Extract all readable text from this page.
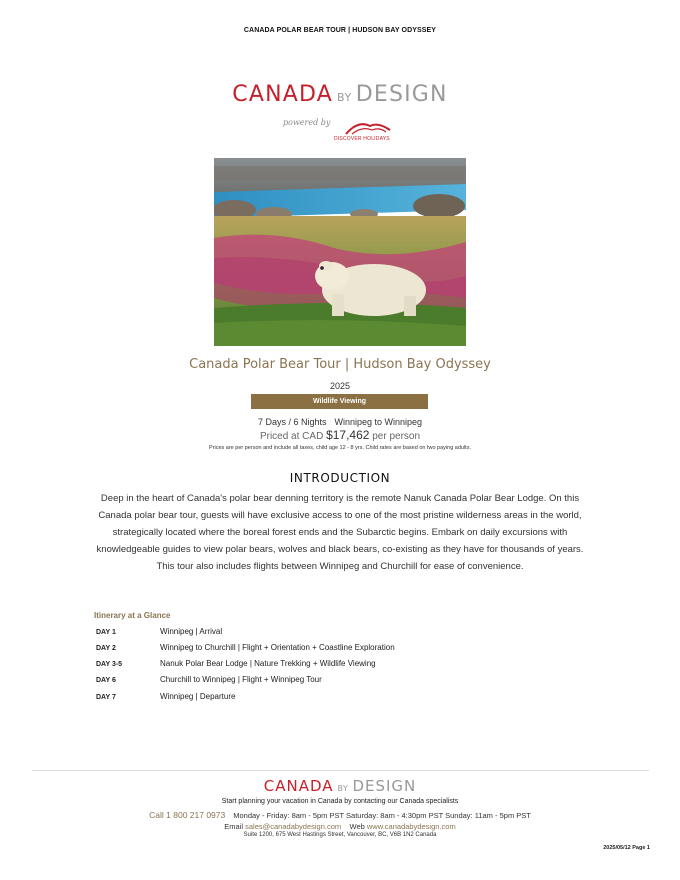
CANADA POLAR BEAR TOUR | HUDSON BAY ODYSSEY
CANADA BY DESIGN
powered by
DISCOVER HOLIDAYS
Canada Polar Bear Tour | Hudson Bay Odyssey
2025
Wildlife Viewing
7 Days / 6 Nights Winnipeg to Winnipeg
Priced at CAD $17,462 per person
Prices are per person and include all taxes, child age 12 - 8 yrs. Child rates are based on two paying adults.
INTRODUCTION
Deep in the heart of Canada's polar bear denning territory is the remote Nanuk Canada Polar Bear Lodge. On this Canada polar bear tour, guests will have exclusive access to one of the most pristine wilderness areas in the world, strategically located where the boreal forest ends and the Subarctic begins. Embark on daily excursions with knowledgeable guides to view polar bears, wolves and black bears, co-existing as they have for thousands of years. This tour also includes flights between Winnipeg and Churchill for ease of convenience.
Itinerary at a Glance
DAY 1	Winnipeg | Arrival
DAY 2	Winnipeg to Churchill | Flight + Orientation + Coastline Exploration
DAY 3-5	Nanuk Polar Bear Lodge | Nature Trekking + Wildlife Viewing
DAY 6	Churchill to Winnipeg | Flight + Winnipeg Tour
DAY 7	Winnipeg | Departure
CANADA BY DESIGN
Start planning your vacation in Canada by contacting our Canada specialists
Call 1 800 217 0973 Monday - Friday: 8am - 5pm PST Saturday: 8am - 4:30pm PST Sunday: 11am - 5pm PST
Email sales@canadabydesign.com Web www.canadabydesign.com
Suite 1200, 675 West Hastings Street, Vancouver, BC, V6B 1N2 Canada
2025/05/12 Page 1
